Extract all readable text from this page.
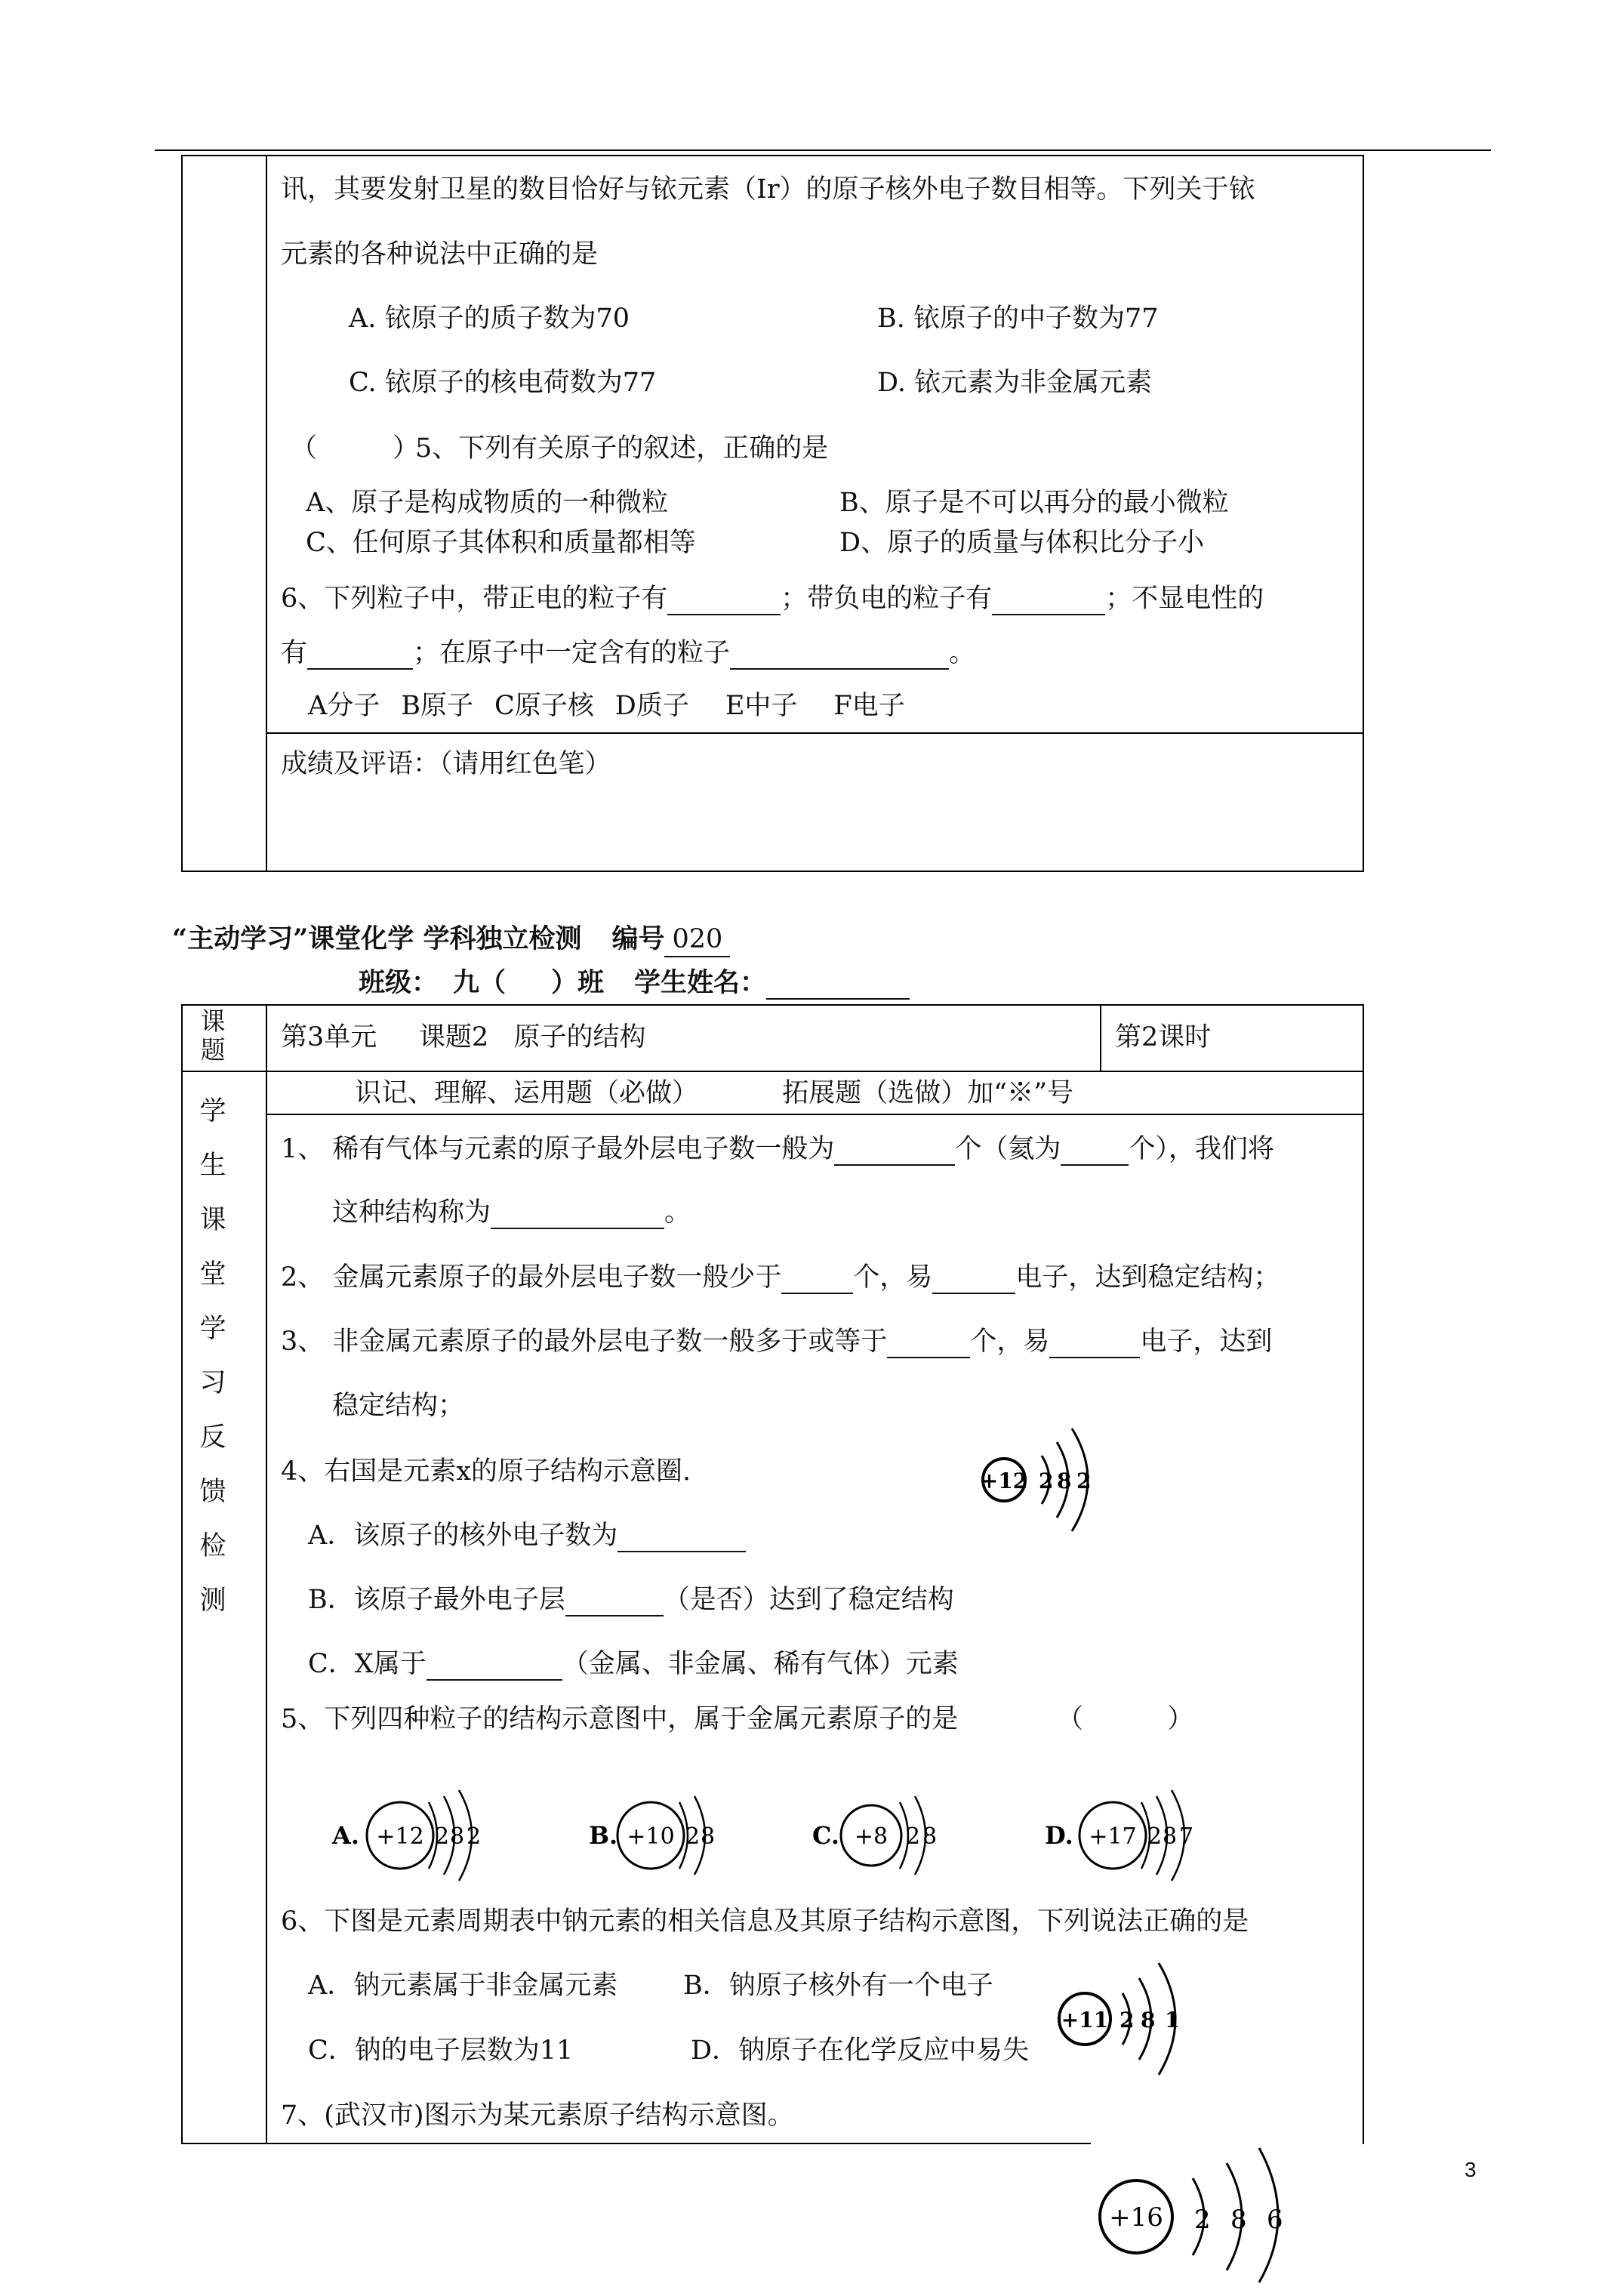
讯，其要发射卫星的数目恰好与铱元素（Ir）的原子核外电子数目相等。下列关于铱
元素的各种说法中正确的是
A. 铱原子的质子数为70	B. 铱原子的中子数为77
C. 铱原子的核电荷数为77	D. 铱元素为非金属元素
（	）
5、下列有关原子的叙述，正确的是
A、原子是构成物质的一种微粒	B、原子是不可以再分的最小微粒
C、任何原子其体积和质量都相等	D、原子的质量与体积比分子小
6、下列粒子中，带正电的粒子有	；带负电的粒子有	；不显电性的
有	；在原子中一定含有的粒子	。
A分子 B原子 C原子核 D质子 E中子 F电子
成绩及评语：（请用红色笔）
“主动学习”课堂化学 学科独立检测 编号 020
班级： 九（ ）班 学生姓名：
课题 第3单元     课题2   原子的结构	第2课时
识记、理解、运用题（必做）          拓展题（选做）加“※”号
学
生
课
堂
学
习
反
馈
检
测
1、 稀有气体与元素的原子最外层电子数一般为	个（氦为	个），我们将
这种结构称为	。
2、 金属元素原子的最外层电子数一般少于	个，易	电子，达到稳定结构；
3、 非金属元素原子的最外层电子数一般多于或等于	个，易	电子，达到
稳定结构；
4、右国是元素x的原子结构示意圈.
A．该原子的核外电子数为
B．该原子最外电子层	（是否）达到了稳定结构
C．X属于	（金属、非金属、稀有气体）元素
+12 2 8 2
5、下列四种粒子的结构示意图中，属于金属元素原子的是	（          ）
A. +12 2 8 2	B. +10 2 8	C. +8 2 8	D. +17 2 8 7
6、下图是元素周期表中钠元素的相关信息及其原子结构示意图，下列说法正确的是
A．钠元素属于非金属元素 B．钠原子核外有一个电子
C．钠的电子层数为11	D．钠原子在化学反应中易失
+11 2 8 1
7、(武汉市)图示为某元素原子结构示意图。
+16 2 8 6
3
